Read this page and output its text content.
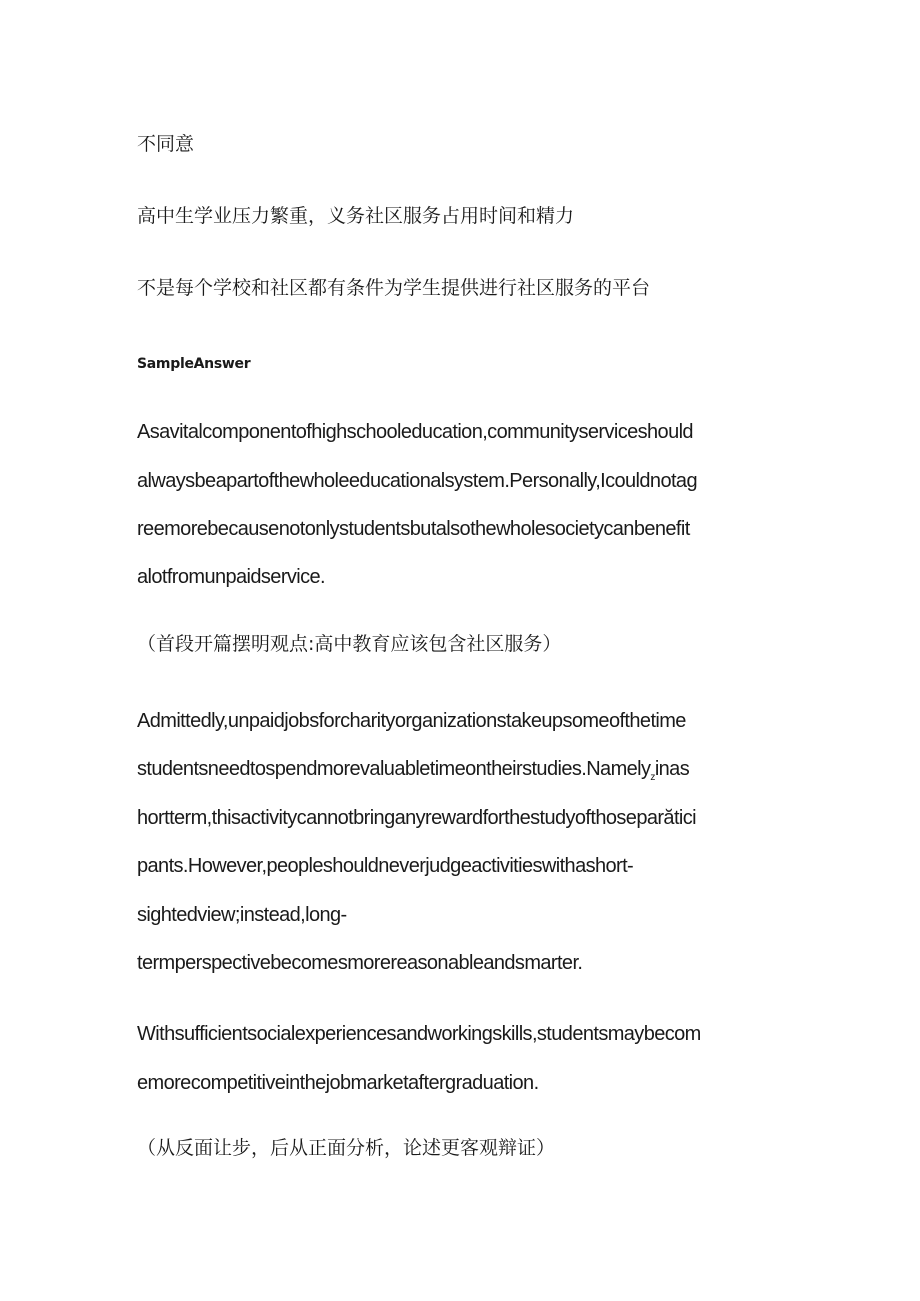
不同意
高中生学业压力繁重，义务社区服务占用时间和精力
不是每个学校和社区都有条件为学生提供进行社区服务的平台
SampleAnswer
Asavitalcomponentofhighschooleducation,communityserviceshould
alwaysbeapartofthewholeeducationalsystem.Personally,Icouldnotag
reemorebecausenotonlystudentsbutalsothewholesocietycanbenefit
alotfromunpaidservice.
（首段开篇摆明观点:高中教育应该包含社区服务）
Admittedly,unpaidjobsforcharityorganizationstakeupsomeofthetime
studentsneedtospendmorevaluabletimeontheirstudies.Namely$_z$inas
hortterm,thisactivitycannotbringanyrewardforthestudyofthoseparătici
pants.However,peopleshouldneverjudgeactivitieswithashort-
sightedview;instead,long-
termperspectivebecomesmorereasonableandsmarter.
Withsufficientsocialexperiencesandworkingskills,studentsmaybecom
emorecompetitiveinthejobmarketaftergraduation.
（从反面让步，后从正面分析，论述更客观辩证）
